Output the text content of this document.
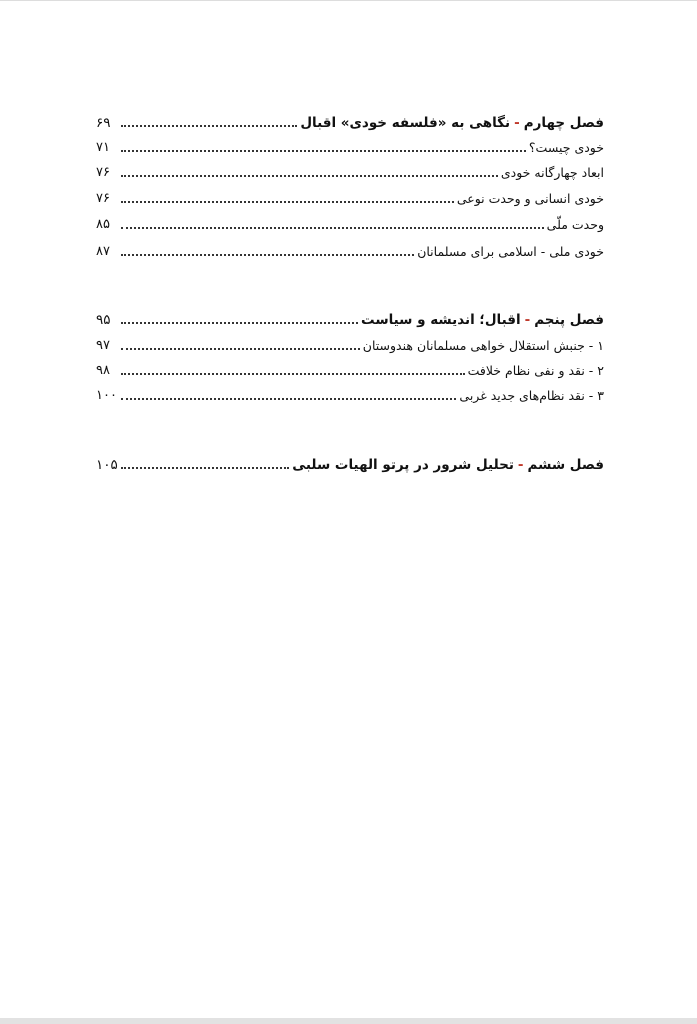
فصل چهارم-نگاهی به «فلسفه خودی» اقبال
۶۹
خودی چیست؟
۷۱
ابعاد چهارگانه خودی
۷۶
خودی انسانی و وحدت نوعی
۷۶
وحدت ملّی
۸۵
خودی ملی - اسلامی برای مسلمانان
۸۷
فصل پنجم-اقبال؛ اندیشه و سیاست
۹۵
۱ - جنبش استقلال خواهی مسلمانان هندوستان
۹۷
۲ - نقد و نفی نظام خلافت
۹۸
۳ - نقد نظام‌های جدید غربی
۱۰۰
فصل ششم-تحلیل شرور در پرتو الهیات سلبی
۱۰۵
